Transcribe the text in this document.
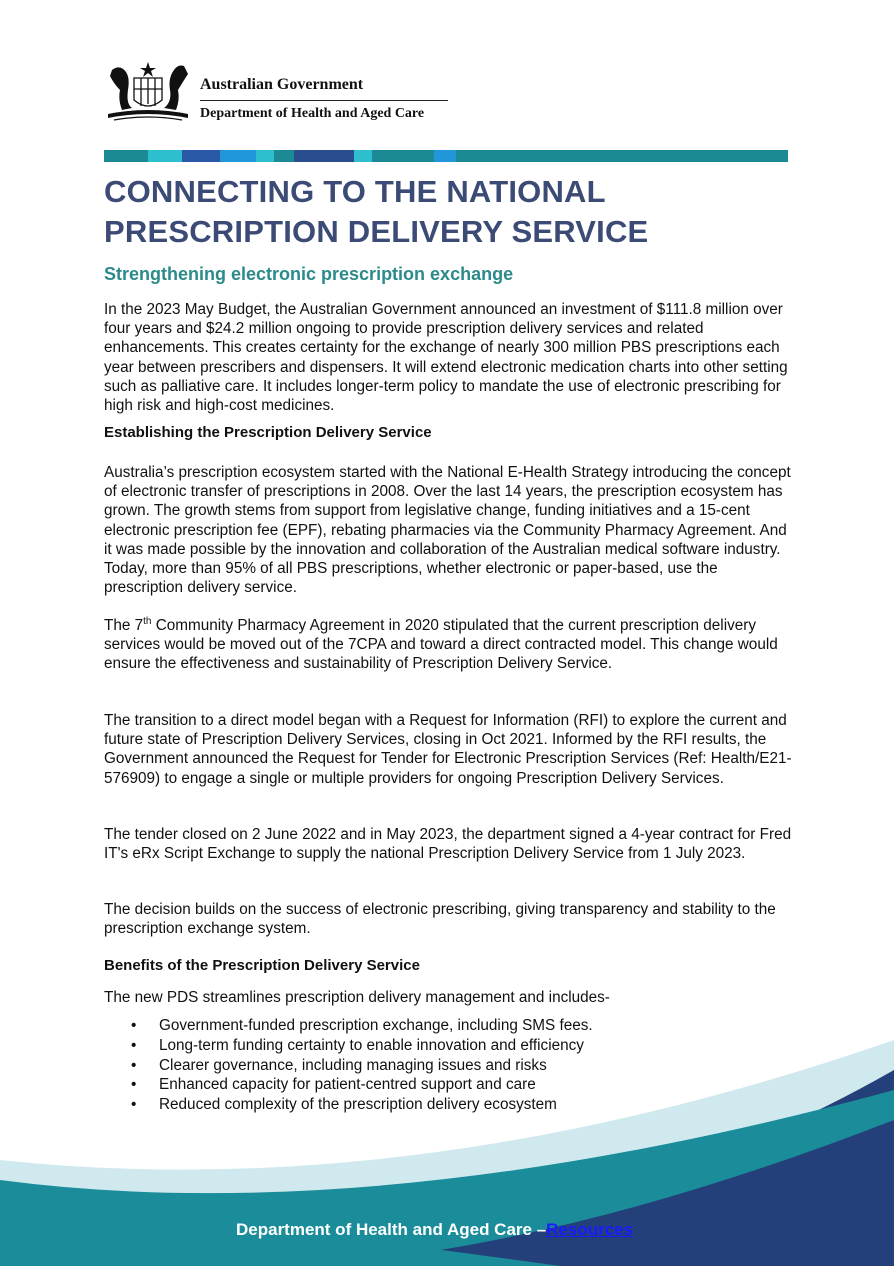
Australian Government
Department of Health and Aged Care
CONNECTING TO THE NATIONAL PRESCRIPTION DELIVERY SERVICE
Strengthening electronic prescription exchange

In the 2023 May Budget, the Australian Government announced an investment of $111.8 million over four years and $24.2 million ongoing to provide prescription delivery services and related enhancements. This creates certainty for the exchange of nearly 300 million PBS prescriptions each year between prescribers and dispensers. It will extend electronic medication charts into other setting such as palliative care. It includes longer-term policy to mandate the use of electronic prescribing for high risk and high-cost medicines.

Establishing the Prescription Delivery Service

Australia’s prescription ecosystem started with the National E-Health Strategy introducing the concept of electronic transfer of prescriptions in 2008. Over the last 14 years, the prescription ecosystem has grown. The growth stems from support from legislative change, funding initiatives and a 15-cent electronic prescription fee (EPF), rebating pharmacies via the Community Pharmacy Agreement. And it was made possible by the innovation and collaboration of the Australian medical software industry. Today, more than 95% of all PBS prescriptions, whether electronic or paper-based, use the prescription delivery service.

The 7th Community Pharmacy Agreement in 2020 stipulated that the current prescription delivery services would be moved out of the 7CPA and toward a direct contracted model. This change would ensure the effectiveness and sustainability of Prescription Delivery Service.

The transition to a direct model began with a Request for Information (RFI) to explore the current and future state of Prescription Delivery Services, closing in Oct 2021. Informed by the RFI results, the Government announced the Request for Tender for Electronic Prescription Services (Ref: Health/E21- 576909) to engage a single or multiple providers for ongoing Prescription Delivery Services.

The tender closed on 2 June 2022 and in May 2023, the department signed a 4-year contract for Fred IT's eRx Script Exchange to supply the national Prescription Delivery Service from 1 July 2023.

The decision builds on the success of electronic prescribing, giving transparency and stability to the prescription exchange system.

Benefits of the Prescription Delivery Service

The new PDS streamlines prescription delivery management and includes-

• Government-funded prescription exchange, including SMS fees.
• Long-term funding certainty to enable innovation and efficiency
• Clearer governance, including managing issues and risks
• Enhanced capacity for patient-centred support and care
• Reduced complexity of the prescription delivery ecosystem
Department of Health and Aged Care –Resources
